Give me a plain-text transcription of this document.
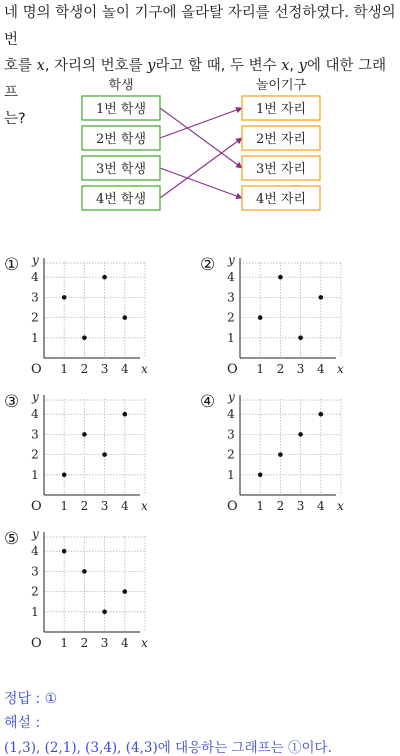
네 명의 학생이 놀이 기구에 올라탈 자리를 선정하였다. 학생의 번
호를 x, 자리의 번호를 y라고 할 때, 두 변수 x, y에 대한 그래프
는?
학생	놀이기구
1번 학생
2번 학생
3번 학생
4번 학생
1번 자리
2번 자리
3번 자리
4번 자리
①
O	x
y
1 2 3 4
1
2
3
4
②
O	x
y
1 2 3 4
1
2
3
4
③
O	x
y
1 2 3 4
1
2
3
4
④
O	x
y
1 2 3 4
1
2
3
4
⑤
O	x
y
1 2 3 4
1
2
3
4
정답 : ①
해설 :
(1,3), (2,1), (3,4), (4,3)에 대응하는 그래프는 ①이다.
